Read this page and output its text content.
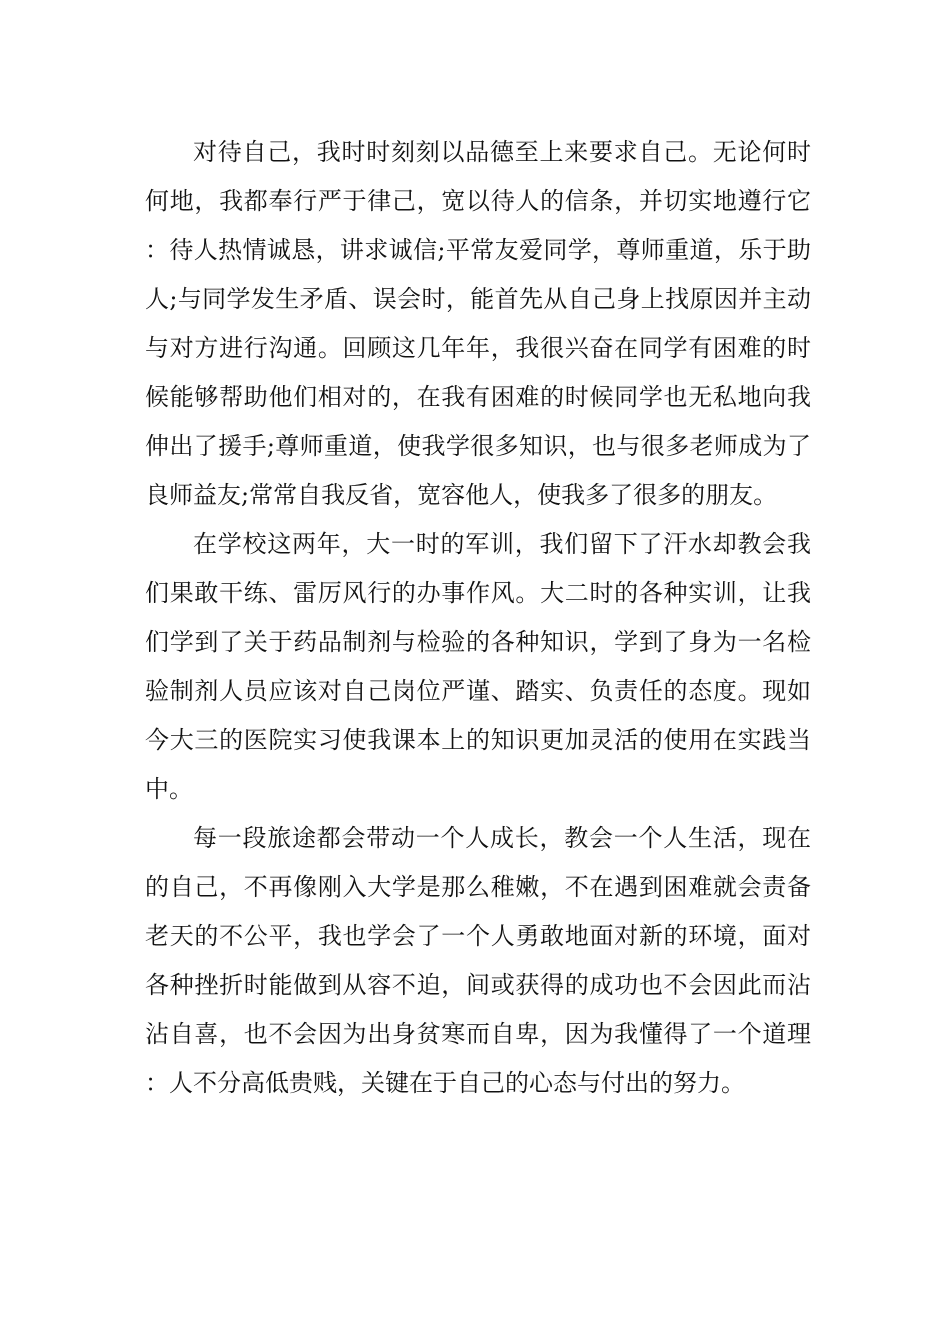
对待自己，我时时刻刻以品德至上来要求自己。无论何时何地，我都奉行严于律己，宽以待人的信条，并切实地遵行它：待人热情诚恳，讲求诚信;平常友爱同学，尊师重道，乐于助人;与同学发生矛盾、误会时，能首先从自己身上找原因并主动与对方进行沟通。回顾这几年年，我很兴奋在同学有困难的时候能够帮助他们相对的，在我有困难的时候同学也无私地向我伸出了援手;尊师重道，使我学很多知识，也与很多老师成为了良师益友;常常自我反省，宽容他人，使我多了很多的朋友。

在学校这两年，大一时的军训，我们留下了汗水却教会我们果敢干练、雷厉风行的办事作风。大二时的各种实训，让我们学到了关于药品制剂与检验的各种知识，学到了身为一名检验制剂人员应该对自己岗位严谨、踏实、负责任的态度。现如今大三的医院实习使我课本上的知识更加灵活的使用在实践当中。

每一段旅途都会带动一个人成长，教会一个人生活，现在的自己，不再像刚入大学是那么稚嫩，不在遇到困难就会责备老天的不公平，我也学会了一个人勇敢地面对新的环境，面对各种挫折时能做到从容不迫，间或获得的成功也不会因此而沾沾自喜，也不会因为出身贫寒而自卑，因为我懂得了一个道理：人不分高低贵贱，关键在于自己的心态与付出的努力。
